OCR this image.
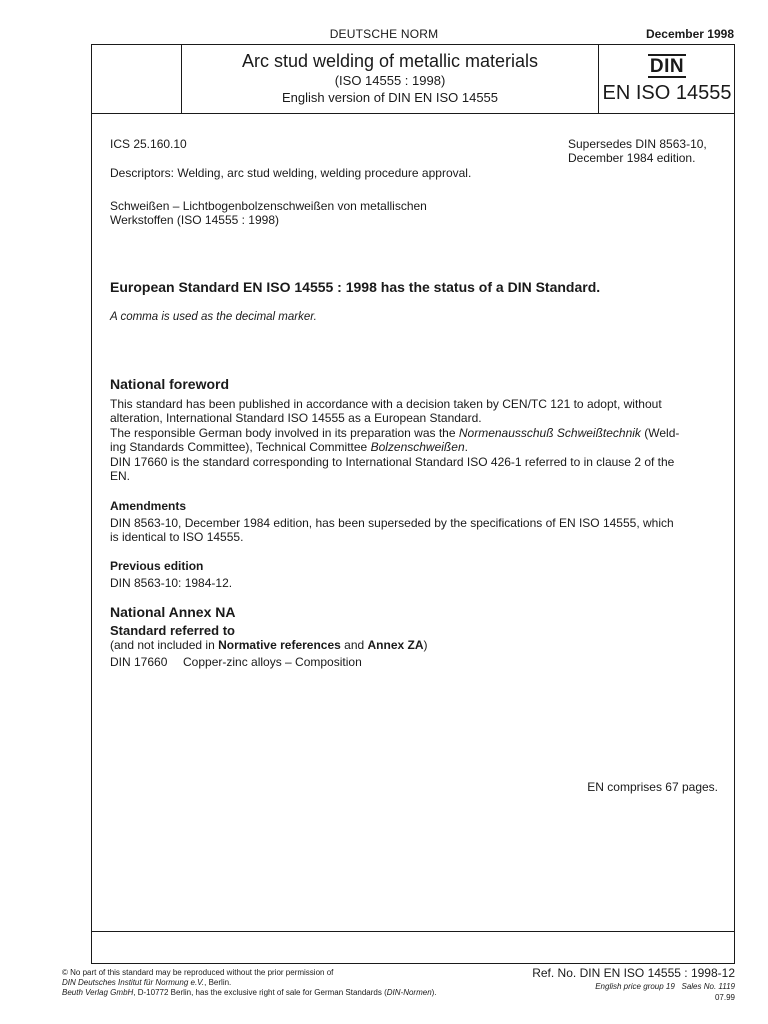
DEUTSCHE NORM	December 1998
Arc stud welding of metallic materials
(ISO 14555 : 1998)
English version of DIN EN ISO 14555
DIN
EN ISO 14555
ICS 25.160.10	Supersedes DIN 8563-10,
December 1984 edition.
Descriptors: Welding, arc stud welding, welding procedure approval.
Schweißen – Lichtbogenbolzenschweißen von metallischen
Werkstoffen (ISO 14555 : 1998)
European Standard EN ISO 14555 : 1998 has the status of a DIN Standard.
A comma is used as the decimal marker.
National foreword
This standard has been published in accordance with a decision taken by CEN/TC 121 to adopt, without
alteration, International Standard ISO 14555 as a European Standard.
The responsible German body involved in its preparation was the Normenausschuß Schweißtechnik (Weld-
ing Standards Committee), Technical Committee Bolzenschweißen.
DIN 17660 is the standard corresponding to International Standard ISO 426-1 referred to in clause 2 of the
EN.
Amendments
DIN 8563-10, December 1984 edition, has been superseded by the specifications of EN ISO 14555, which
is identical to ISO 14555.
Previous edition
DIN 8563-10: 1984-12.
National Annex NA
Standard referred to
(and not included in Normative references and Annex ZA)
DIN 17660 Copper-zinc alloys – Composition
EN comprises 67 pages.
© No part of this standard may be reproduced without the prior permission of
DIN Deutsches Institut für Normung e.V., Berlin.
Beuth Verlag GmbH, D-10772 Berlin, has the exclusive right of sale for German Standards (DIN-Normen).
Ref. No. DIN EN ISO 14555 : 1998-12
English price group 19 Sales No. 1119
07.99
